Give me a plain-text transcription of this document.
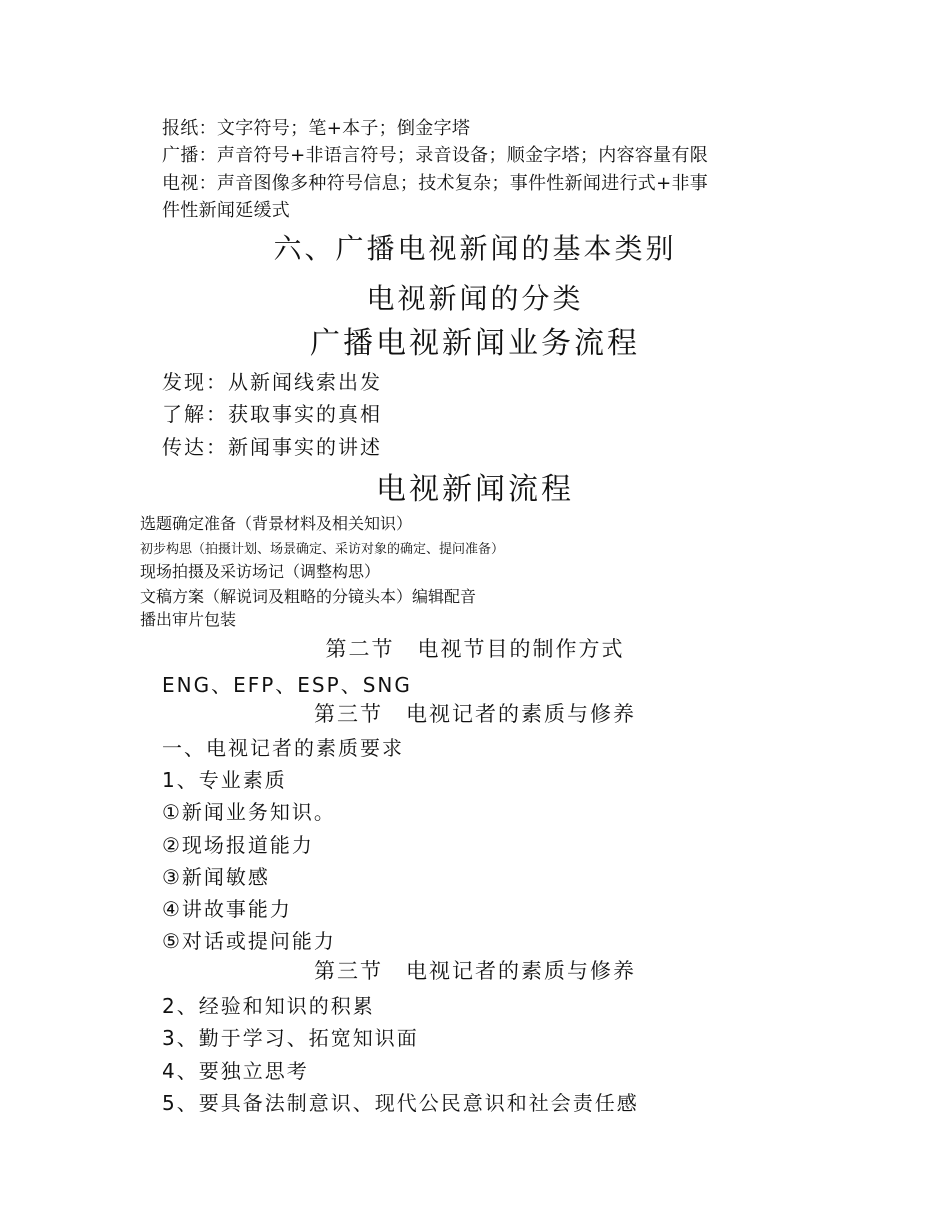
报纸：文字符号；笔+本子；倒金字塔
广播：声音符号+非语言符号；录音设备；顺金字塔；内容容量有限
电视：声音图像多种符号信息；技术复杂；事件性新闻进行式+非事
件性新闻延缓式
六、广播电视新闻的基本类别
电视新闻的分类
广播电视新闻业务流程
发现：从新闻线索出发
了解：获取事实的真相
传达：新闻事实的讲述
电视新闻流程
选题确定准备（背景材料及相关知识）
初步构思（拍摄计划、场景确定、采访对象的确定、提问准备）
现场拍摄及采访场记（调整构思）
文稿方案（解说词及粗略的分镜头本）编辑配音
播出审片包装
第二节　电视节目的制作方式
ENG、EFP、ESP、SNG
第三节　电视记者的素质与修养
一、电视记者的素质要求
1、专业素质
①新闻业务知识。
②现场报道能力
③新闻敏感
④讲故事能力
⑤对话或提问能力
第三节　电视记者的素质与修养
2、经验和知识的积累
3、勤于学习、拓宽知识面
4、要独立思考
5、要具备法制意识、现代公民意识和社会责任感
